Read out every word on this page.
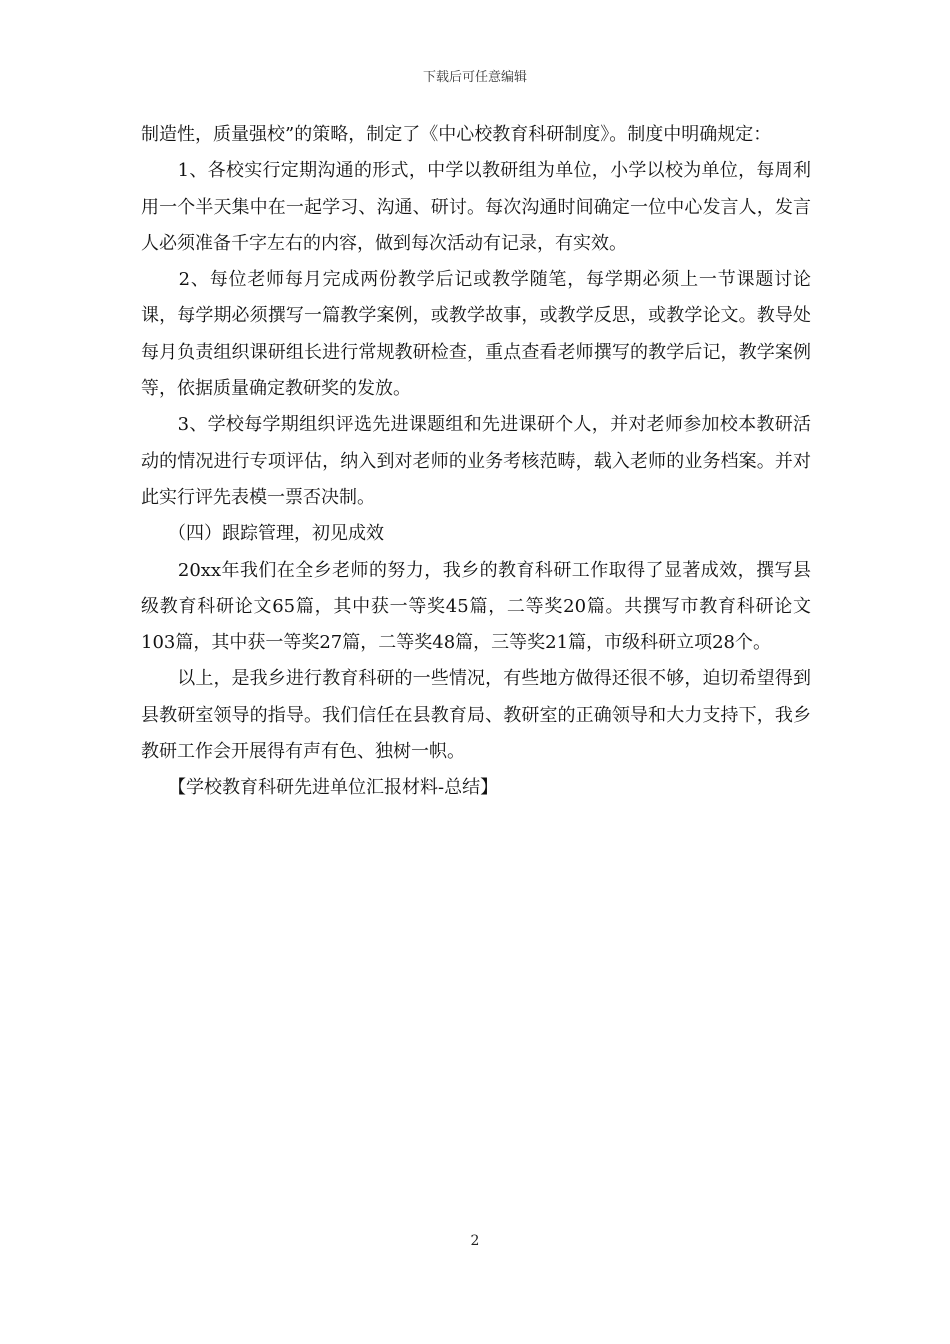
下载后可任意编辑

制造性，质量强校”的策略，制定了《中心校教育科研制度》。制度中明确规定：

　　1、各校实行定期沟通的形式，中学以教研组为单位，小学以校为单位，每周利用一个半天集中在一起学习、沟通、研讨。每次沟通时间确定一位中心发言人，发言人必须准备千字左右的内容，做到每次活动有记录，有实效。

　　2、每位老师每月完成两份教学后记或教学随笔，每学期必须上一节课题讨论课，每学期必须撰写一篇教学案例，或教学故事，或教学反思，或教学论文。教导处每月负责组织课研组长进行常规教研检查，重点查看老师撰写的教学后记，教学案例等，依据质量确定教研奖的发放。

　　3、学校每学期组织评选先进课题组和先进课研个人，并对老师参加校本教研活动的情况进行专项评估，纳入到对老师的业务考核范畴，载入老师的业务档案。并对此实行评先表模一票否决制。

　　（四）跟踪管理，初见成效

　　20xx年我们在全乡老师的努力，我乡的教育科研工作取得了显著成效，撰写县级教育科研论文65篇，其中获一等奖45篇，二等奖20篇。共撰写市教育科研论文103篇，其中获一等奖27篇，二等奖48篇，三等奖21篇，市级科研立项28个。

　　以上，是我乡进行教育科研的一些情况，有些地方做得还很不够，迫切希望得到县教研室领导的指导。我们信任在县教育局、教研室的正确领导和大力支持下，我乡教研工作会开展得有声有色、独树一帜。

　　【学校教育科研先进单位汇报材料-总结】

2
